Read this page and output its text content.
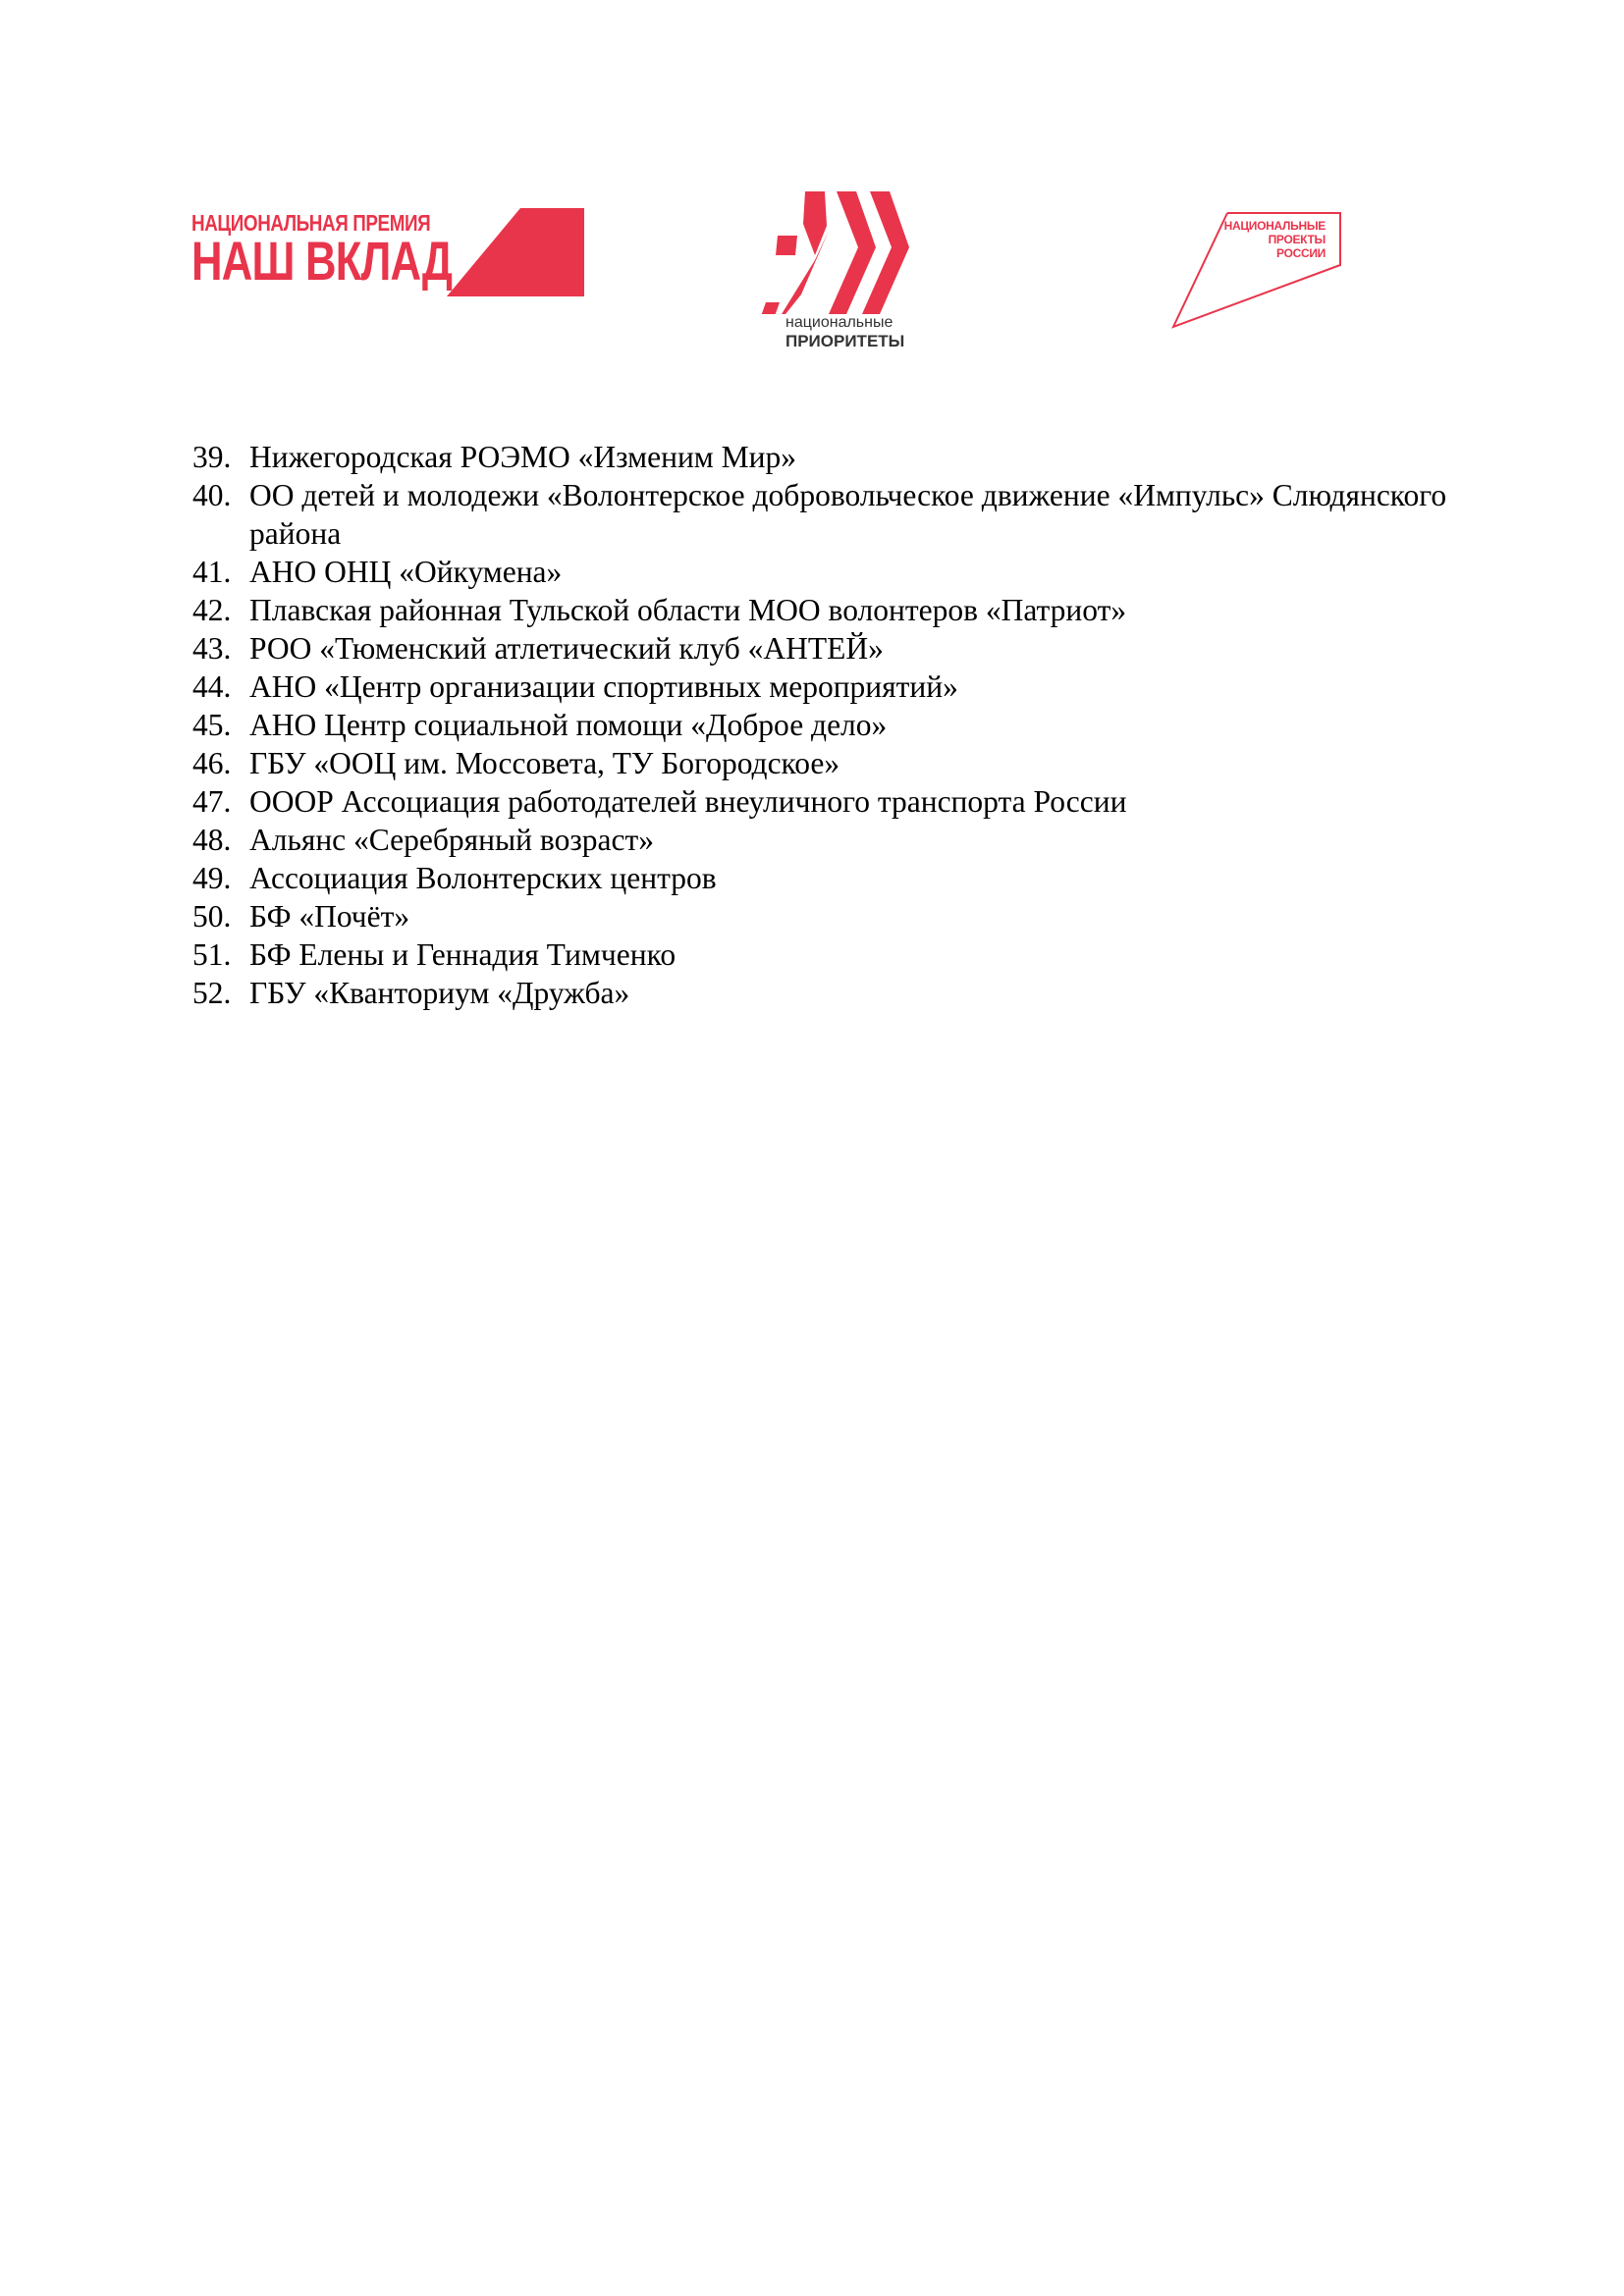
НАЦИОНАЛЬНАЯ ПРЕМИЯ
НАШ ВКЛАД
национальные
ПРИОРИТЕТЫ
НАЦИОНАЛЬНЫЕ
ПРОЕКТЫ
РОССИИ
39. Нижегородская РОЭМО «Изменим Мир»
40. ОО детей и молодежи «Волонтерское добровольческое движение «Импульс» Слюдянского района
41. АНО ОНЦ «Ойкумена»
42. Плавская районная Тульской области МОО волонтеров «Патриот»
43. РОО «Тюменский атлетический клуб «АНТЕЙ»
44. АНО «Центр организации спортивных мероприятий»
45. АНО Центр социальной помощи «Доброе дело»
46. ГБУ «ООЦ им. Моссовета, ТУ Богородское»
47. ОООР Ассоциация работодателей внеуличного транспорта России
48. Альянс «Серебряный возраст»
49. Ассоциация Волонтерских центров
50. БФ «Почёт»
51. БФ Елены и Геннадия Тимченко
52. ГБУ «Кванториум «Дружба»
